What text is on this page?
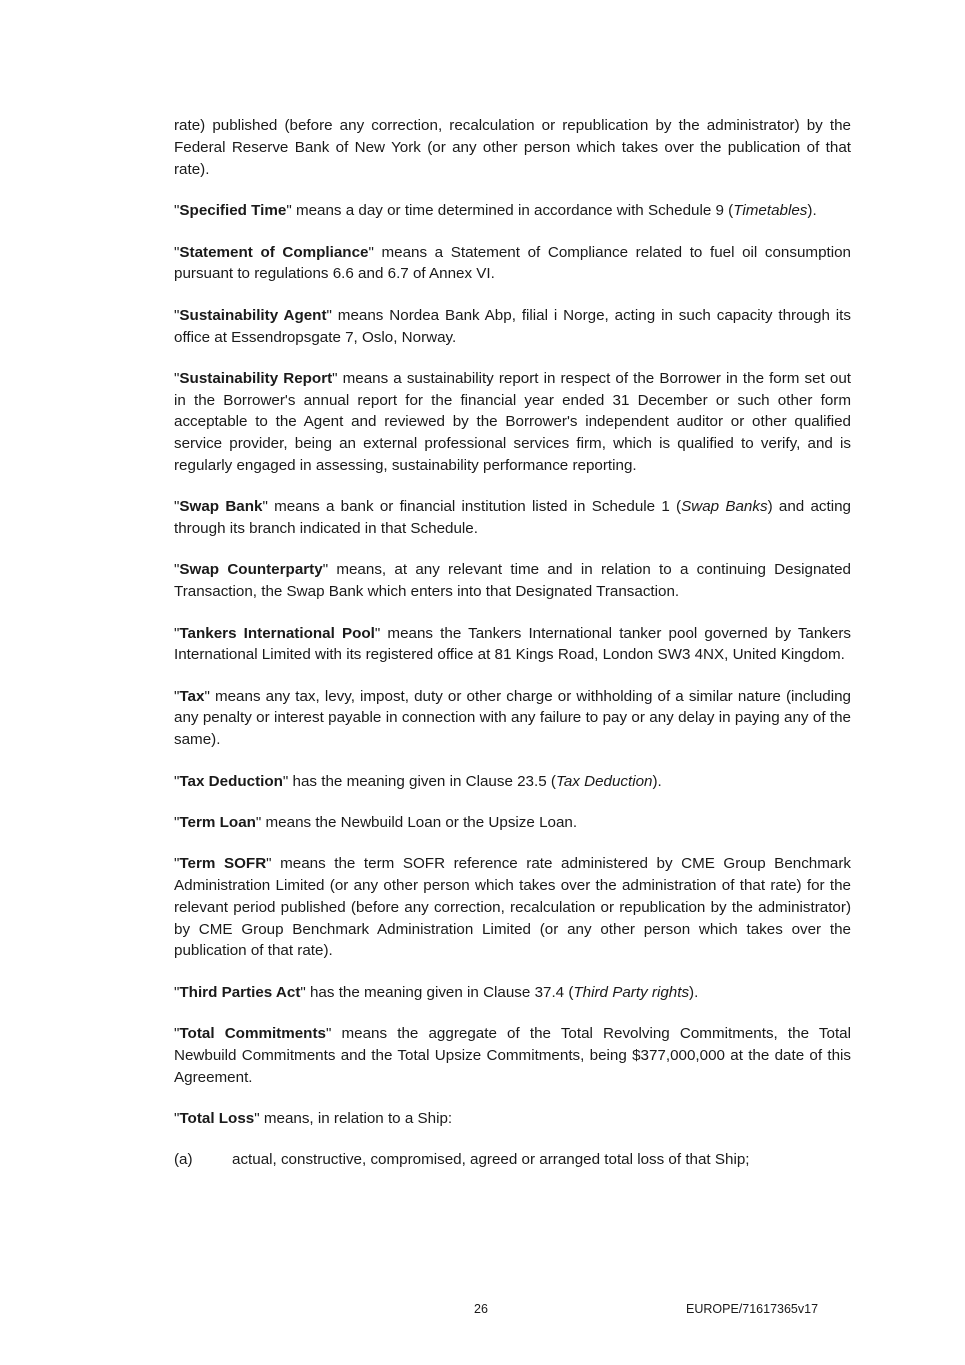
rate) published (before any correction, recalculation or republication by the administrator) by the Federal Reserve Bank of New York (or any other person which takes over the publication of that rate).

"Specified Time" means a day or time determined in accordance with Schedule 9 (Timetables).

"Statement of Compliance" means a Statement of Compliance related to fuel oil consumption pursuant to regulations 6.6 and 6.7 of Annex VI.

"Sustainability Agent" means Nordea Bank Abp, filial i Norge, acting in such capacity through its office at Essendropsgate 7, Oslo, Norway.

"Sustainability Report" means a sustainability report in respect of the Borrower in the form set out in the Borrower's annual report for the financial year ended 31 December or such other form acceptable to the Agent and reviewed by the Borrower's independent auditor or other qualified service provider, being an external professional services firm, which is qualified to verify, and is regularly engaged in assessing, sustainability performance reporting.

"Swap Bank" means a bank or financial institution listed in Schedule 1 (Swap Banks) and acting through its branch indicated in that Schedule.

"Swap Counterparty" means, at any relevant time and in relation to a continuing Designated Transaction, the Swap Bank which enters into that Designated Transaction.

"Tankers International Pool" means the Tankers International tanker pool governed by Tankers International Limited with its registered office at 81 Kings Road, London SW3 4NX, United Kingdom.

"Tax" means any tax, levy, impost, duty or other charge or withholding of a similar nature (including any penalty or interest payable in connection with any failure to pay or any delay in paying any of the same).

"Tax Deduction" has the meaning given in Clause 23.5 (Tax Deduction).

"Term Loan" means the Newbuild Loan or the Upsize Loan.

"Term SOFR" means the term SOFR reference rate administered by CME Group Benchmark Administration Limited (or any other person which takes over the administration of that rate) for the relevant period published (before any correction, recalculation or republication by the administrator) by CME Group Benchmark Administration Limited (or any other person which takes over the publication of that rate).

"Third Parties Act" has the meaning given in Clause 37.4 (Third Party rights).

"Total Commitments" means the aggregate of the Total Revolving Commitments, the Total Newbuild Commitments and the Total Upsize Commitments, being $377,000,000 at the date of this Agreement.

"Total Loss" means, in relation to a Ship:

(a)	actual, constructive, compromised, agreed or arranged total loss of that Ship;
26	EUROPE/71617365v17
